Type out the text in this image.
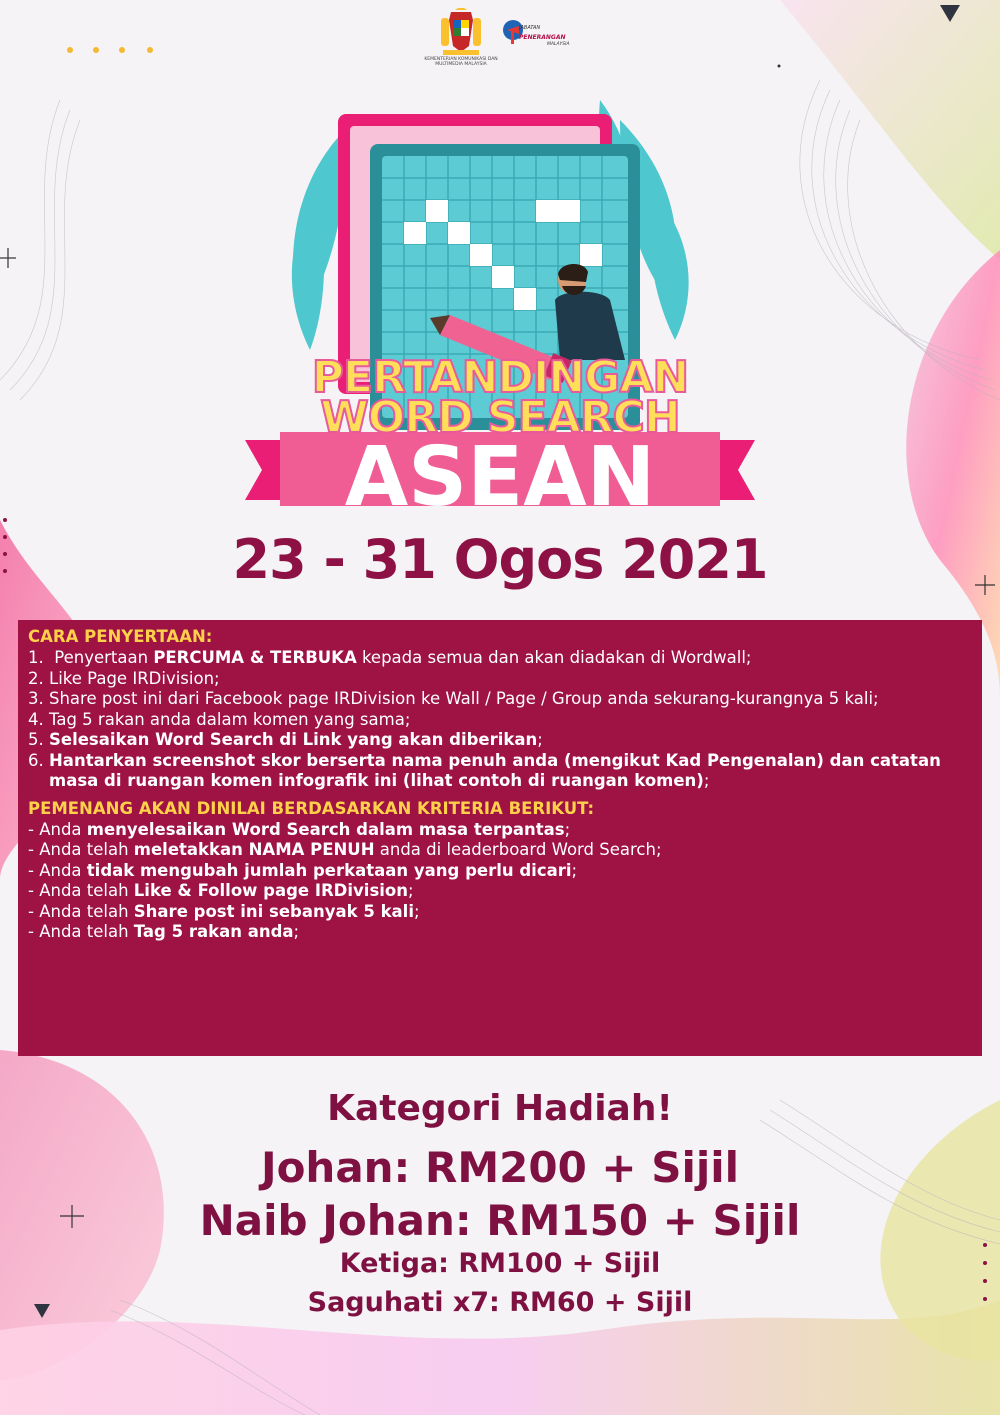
KEMENTERIAN KOMUNIKASI DAN MULTIMEDIA MALAYSIA
JABATAN
PENERANGAN
MALAYSIA
PERTANDINGAN
WORD SEARCH
ASEAN
23 - 31 Ogos 2021
CARA PENYERTAAN:
1. Penyertaan PERCUMA & TERBUKA kepada semua dan akan diadakan di Wordwall;
2. Like Page IRDivision;
3. Share post ini dari Facebook page IRDivision ke Wall / Page / Group anda sekurang-kurangnya 5 kali;
4. Tag 5 rakan anda dalam komen yang sama;
5. Selesaikan Word Search di Link yang akan diberikan;
6. Hantarkan screenshot skor berserta nama penuh anda (mengikut Kad Pengenalan) dan catatan masa di ruangan komen infografik ini (lihat contoh di ruangan komen);
PEMENANG AKAN DINILAI BERDASARKAN KRITERIA BERIKUT:
- Anda menyelesaikan Word Search dalam masa terpantas;
- Anda telah meletakkan NAMA PENUH anda di leaderboard Word Search;
- Anda tidak mengubah jumlah perkataan yang perlu dicari;
- Anda telah Like & Follow page IRDivision;
- Anda telah Share post ini sebanyak 5 kali;
- Anda telah Tag 5 rakan anda;
Kategori Hadiah!
Johan: RM200 + Sijil
Naib Johan: RM150 + Sijil
Ketiga: RM100 + Sijil
Saguhati x7: RM60 + Sijil
